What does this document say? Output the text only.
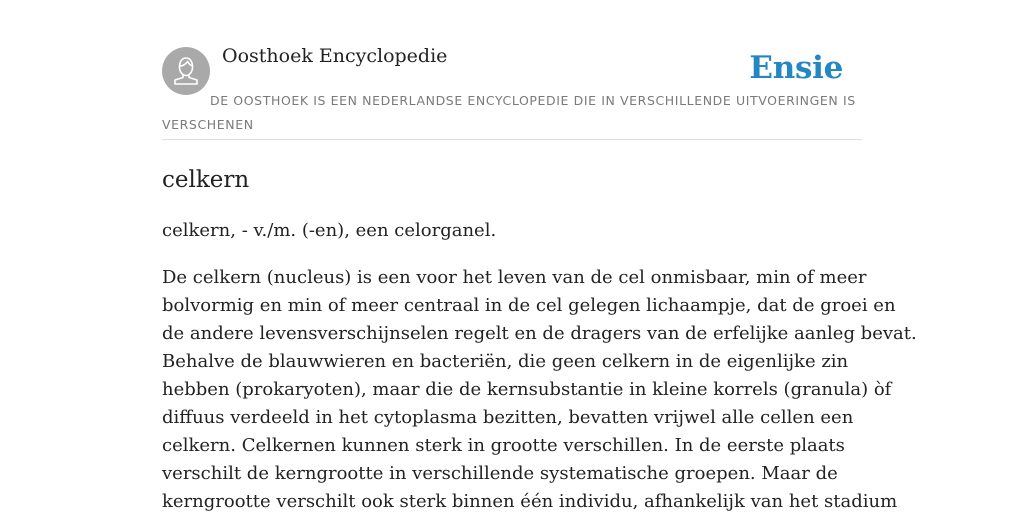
Oosthoek Encyclopedie	Ensie

DE OOSTHOEK IS EEN NEDERLANDSE ENCYCLOPEDIE DIE IN VERSCHILLENDE UITVOERINGEN IS VERSCHENEN

celkern

celkern, - v./m. (-en), een celorganel.

De celkern (nucleus) is een voor het leven van de cel onmisbaar, min of meer
bolvormig en min of meer centraal in de cel gelegen lichaampje, dat de groei en
de andere levensverschijnselen regelt en de dragers van de erfelijke aanleg bevat.
Behalve de blauwwieren en bacteriën, die geen celkern in de eigenlijke zin
hebben (prokaryoten), maar die de kernsubstantie in kleine korrels (granula) òf
diffuus verdeeld in het cytoplasma bezitten, bevatten vrijwel alle cellen een
celkern. Celkernen kunnen sterk in grootte verschillen. In de eerste plaats
verschilt de kerngrootte in verschillende systematische groepen. Maar de
kerngrootte verschilt ook sterk binnen één individu, afhankelijk van het stadium
